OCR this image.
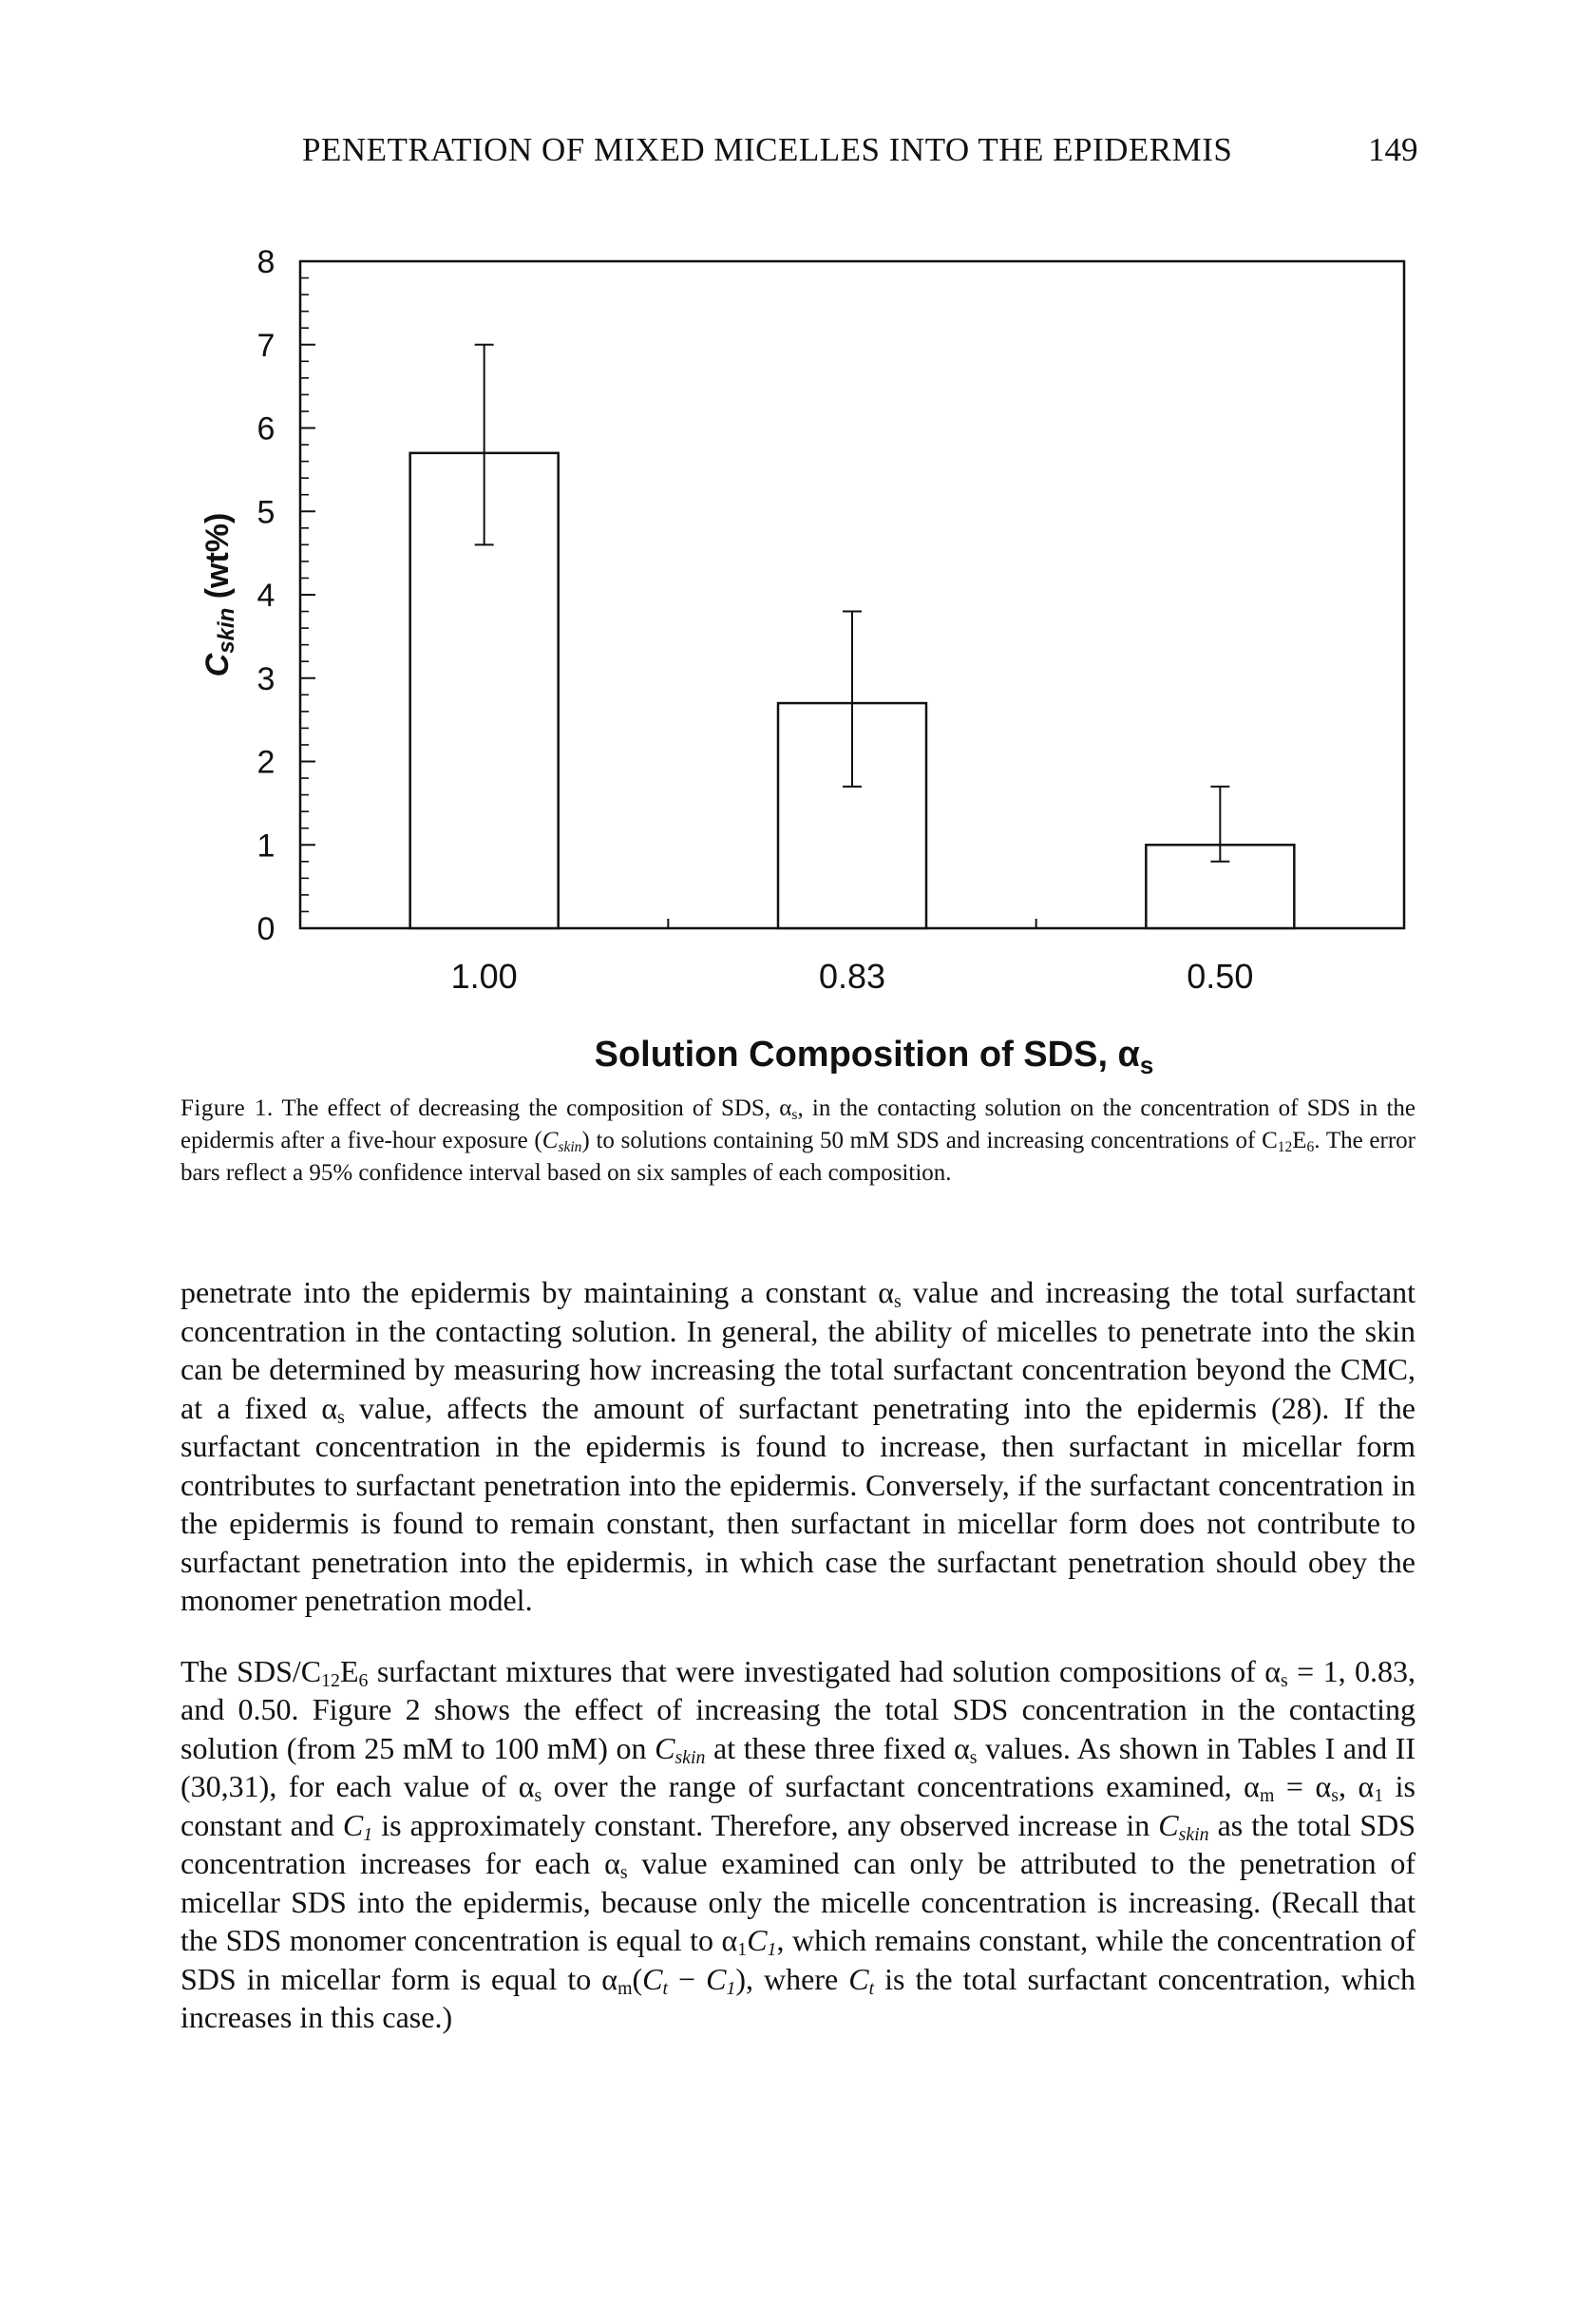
PENETRATION OF MIXED MICELLES INTO THE EPIDERMIS	149
0
1
2
3
4
5
6
7
8
1.00	0.83	0.50
Cskin (wt%)
Solution Composition of SDS, $\alpha_s$
Figure 1. The effect of decreasing the composition of SDS, $\alpha_s$, in the contacting solution on the concentration of SDS in the epidermis after a five-hour exposure $(C_{skin})$ to solutions containing 50 mM SDS and increasing concentrations of $C_{12}E_6$. The error bars reflect a 95% confidence interval based on six samples of each composition.

penetrate into the epidermis by maintaining a constant $\alpha_s$ value and increasing the total surfactant concentration in the contacting solution. In general, the ability of micelles to penetrate into the skin can be determined by measuring how increasing the total surfactant concentration beyond the CMC, at a fixed $\alpha_s$ value, affects the amount of surfactant penetrating into the epidermis (28). If the surfactant concentration in the epidermis is found to increase, then surfactant in micellar form contributes to surfactant penetration into the epidermis. Conversely, if the surfactant concentration in the epidermis is found to remain constant, then surfactant in micellar form does not contribute to surfactant penetration into the epidermis, in which case the surfactant penetration should obey the monomer penetration model.

The SDS/$C_{12}E_6$ surfactant mixtures that were investigated had solution compositions of $\alpha_s = 1$, 0.83, and 0.50. Figure 2 shows the effect of increasing the total SDS concentration in the contacting solution (from 25 mM to 100 mM) on $C_{skin}$ at these three fixed $\alpha_s$ values. As shown in Tables I and II (30,31), for each value of $\alpha_s$ over the range of surfactant concentrations examined, $\alpha_m = \alpha_s$, $\alpha_1$ is constant and $C_1$ is approximately constant. Therefore, any observed increase in $C_{skin}$ as the total SDS concentration increases for each $\alpha_s$ value examined can only be attributed to the penetration of micellar SDS into the epidermis, because only the micelle concentration is increasing. (Recall that the SDS monomer concentration is equal to $\alpha_1C_1$, which remains constant, while the concentration of SDS in micellar form is equal to $\alpha_m(C_t - C_1)$, where $C_t$ is the total surfactant concentration, which increases in this case.)
